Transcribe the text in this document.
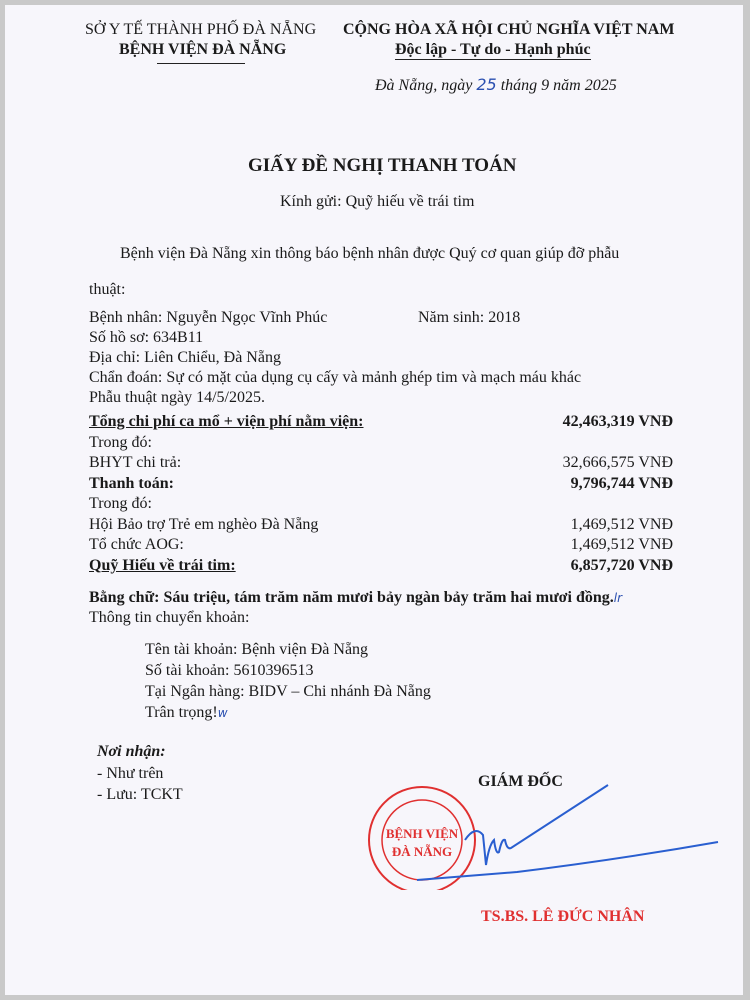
SỞ Y TẾ THÀNH PHỐ ĐÀ NẴNG
BỆNH VIỆN ĐÀ NẴNG
CỘNG HÒA XÃ HỘI CHỦ NGHĨA VIỆT NAM
Độc lập - Tự do - Hạnh phúc
Đà Nẵng, ngày 25 tháng 9 năm 2025
GIẤY ĐỀ NGHỊ THANH TOÁN
Kính gửi: Quỹ hiếu về trái tim
Bệnh viện Đà Nẵng xin thông báo bệnh nhân được Quý cơ quan giúp đỡ phẫu
thuật:
Bệnh nhân: Nguyễn Ngọc Vĩnh Phúc	Năm sinh: 2018
Số hồ sơ: 634B11
Địa chỉ: Liên Chiểu, Đà Nẵng
Chẩn đoán: Sự có mặt của dụng cụ cấy và mảnh ghép tim và mạch máu khác
Phẫu thuật ngày 14/5/2025.
Tổng chi phí ca mổ + viện phí nằm viện:	42,463,319 VNĐ
Trong đó:
BHYT chi trả:	32,666,575 VNĐ
Thanh toán:	9,796,744 VNĐ
Trong đó:
Hội Bảo trợ Trẻ em nghèo Đà Nẵng	1,469,512 VNĐ
Tổ chức AOG:	1,469,512 VNĐ
Quỹ Hiếu về trái tim:	6,857,720 VNĐ
Bằng chữ: Sáu triệu, tám trăm năm mươi bảy ngàn bảy trăm hai mươi đồng.lr
Thông tin chuyển khoản:
Tên tài khoản: Bệnh viện Đà Nẵng
Số tài khoản: 5610396513
Tại Ngân hàng: BIDV – Chi nhánh Đà Nẵng
Trân trọng!w
Nơi nhận:
- Như trên
- Lưu: TCKT
GIÁM ĐỐC
BỆNH VIỆN
ĐÀ NẴNG
TS.BS. LÊ ĐỨC NHÂN
